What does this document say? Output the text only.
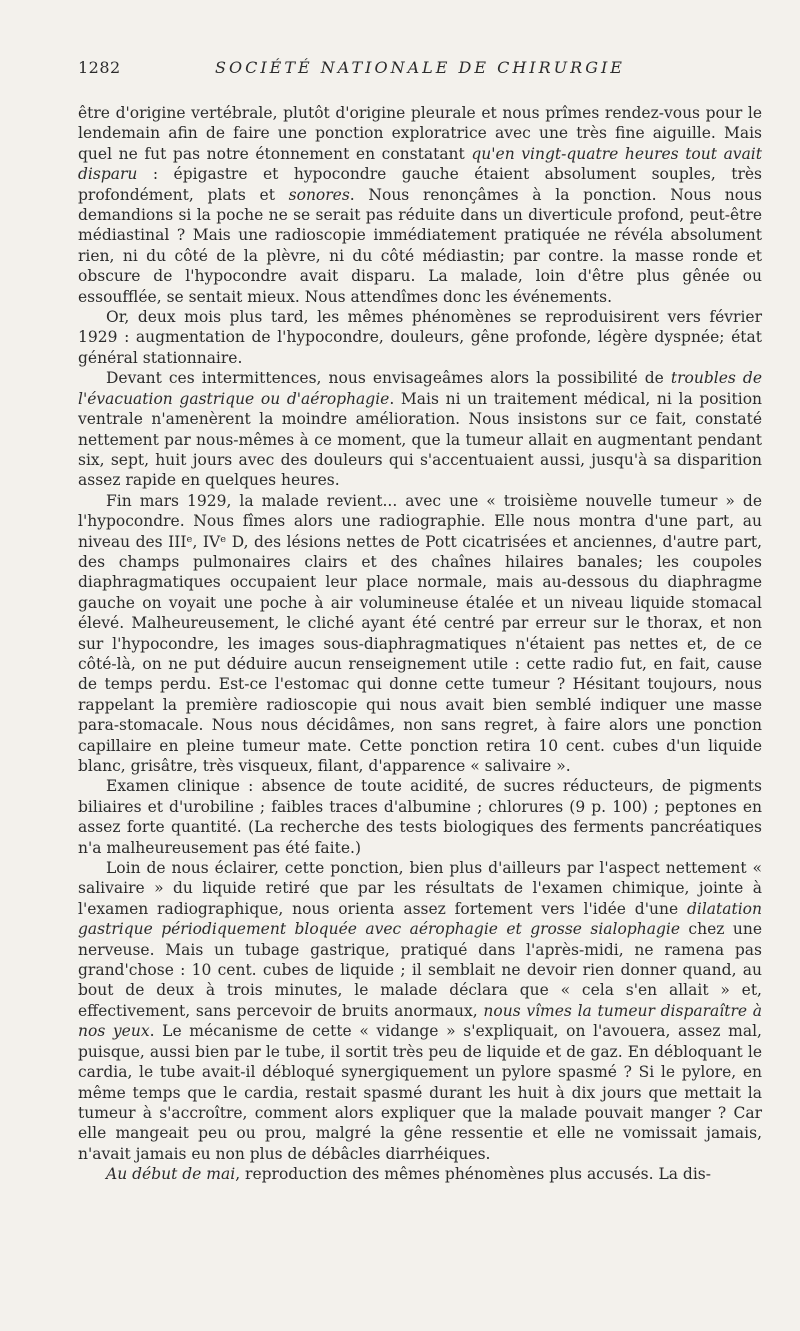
1282	SOCIÉTÉ NATIONALE DE CHIRURGIE

être d'origine vertébrale, plutôt d'origine pleurale et nous prîmes rendez-vous pour le lendemain afin de faire une ponction exploratrice avec une très fine aiguille. Mais quel ne fut pas notre étonnement en constatant qu'en vingt-quatre heures tout avait disparu : épigastre et hypocondre gauche étaient absolument souples, très profondément, plats et sonores. Nous renonçâmes à la ponction. Nous nous demandions si la poche ne se serait pas réduite dans un diverticule profond, peut-être médiastinal ? Mais une radioscopie immédiatement pratiquée ne révéla absolument rien, ni du côté de la plèvre, ni du côté médiastin; par contre. la masse ronde et obscure de l'hypocondre avait disparu. La malade, loin d'être plus gênée ou essoufflée, se sentait mieux. Nous attendîmes donc les événements.

Or, deux mois plus tard, les mêmes phénomènes se reproduisirent vers février 1929 : augmentation de l'hypocondre, douleurs, gêne profonde, légère dyspnée; état général stationnaire.

Devant ces intermittences, nous envisageâmes alors la possibilité de troubles de l'évacuation gastrique ou d'aérophagie. Mais ni un traitement médical, ni la position ventrale n'amenèrent la moindre amélioration. Nous insistons sur ce fait, constaté nettement par nous-mêmes à ce moment, que la tumeur allait en augmentant pendant six, sept, huit jours avec des douleurs qui s'accentuaient aussi, jusqu'à sa disparition assez rapide en quelques heures.

Fin mars 1929, la malade revient... avec une « troisième nouvelle tumeur » de l'hypocondre. Nous fîmes alors une radiographie. Elle nous montra d'une part, au niveau des IIIᵉ, IVᵉ D, des lésions nettes de Pott cicatrisées et anciennes, d'autre part, des champs pulmonaires clairs et des chaînes hilaires banales; les coupoles diaphragmatiques occupaient leur place normale, mais au-dessous du diaphragme gauche on voyait une poche à air volumineuse étalée et un niveau liquide stomacal élevé. Malheureusement, le cliché ayant été centré par erreur sur le thorax, et non sur l'hypocondre, les images sous-diaphragmatiques n'étaient pas nettes et, de ce côté-là, on ne put déduire aucun renseignement utile : cette radio fut, en fait, cause de temps perdu. Est-ce l'estomac qui donne cette tumeur ? Hésitant toujours, nous rappelant la première radioscopie qui nous avait bien semblé indiquer une masse para-stomacale. Nous nous décidâmes, non sans regret, à faire alors une ponction capillaire en pleine tumeur mate. Cette ponction retira 10 cent. cubes d'un liquide blanc, grisâtre, très visqueux, filant, d'apparence « salivaire ».

Examen clinique : absence de toute acidité, de sucres réducteurs, de pigments biliaires et d'urobiline ; faibles traces d'albumine ; chlorures (9 p. 100) ; peptones en assez forte quantité. (La recherche des tests biologiques des ferments pancréatiques n'a malheureusement pas été faite.)

Loin de nous éclairer, cette ponction, bien plus d'ailleurs par l'aspect nettement « salivaire » du liquide retiré que par les résultats de l'examen chimique, jointe à l'examen radiographique, nous orienta assez fortement vers l'idée d'une dilatation gastrique périodiquement bloquée avec aérophagie et grosse sialophagie chez une nerveuse. Mais un tubage gastrique, pratiqué dans l'après-midi, ne ramena pas grand'chose : 10 cent. cubes de liquide ; il semblait ne devoir rien donner quand, au bout de deux à trois minutes, le malade déclara que « cela s'en allait » et, effectivement, sans percevoir de bruits anormaux, nous vîmes la tumeur disparaître à nos yeux. Le mécanisme de cette « vidange » s'expliquait, on l'avouera, assez mal, puisque, aussi bien par le tube, il sortit très peu de liquide et de gaz. En débloquant le cardia, le tube avait-il débloqué synergiquement un pylore spasmé ? Si le pylore, en même temps que le cardia, restait spasmé durant les huit à dix jours que mettait la tumeur à s'accroître, comment alors expliquer que la malade pouvait manger ? Car elle mangeait peu ou prou, malgré la gêne ressentie et elle ne vomissait jamais, n'avait jamais eu non plus de débâcles diarrhéiques.

Au début de mai, reproduction des mêmes phénomènes plus accusés. La dis-
